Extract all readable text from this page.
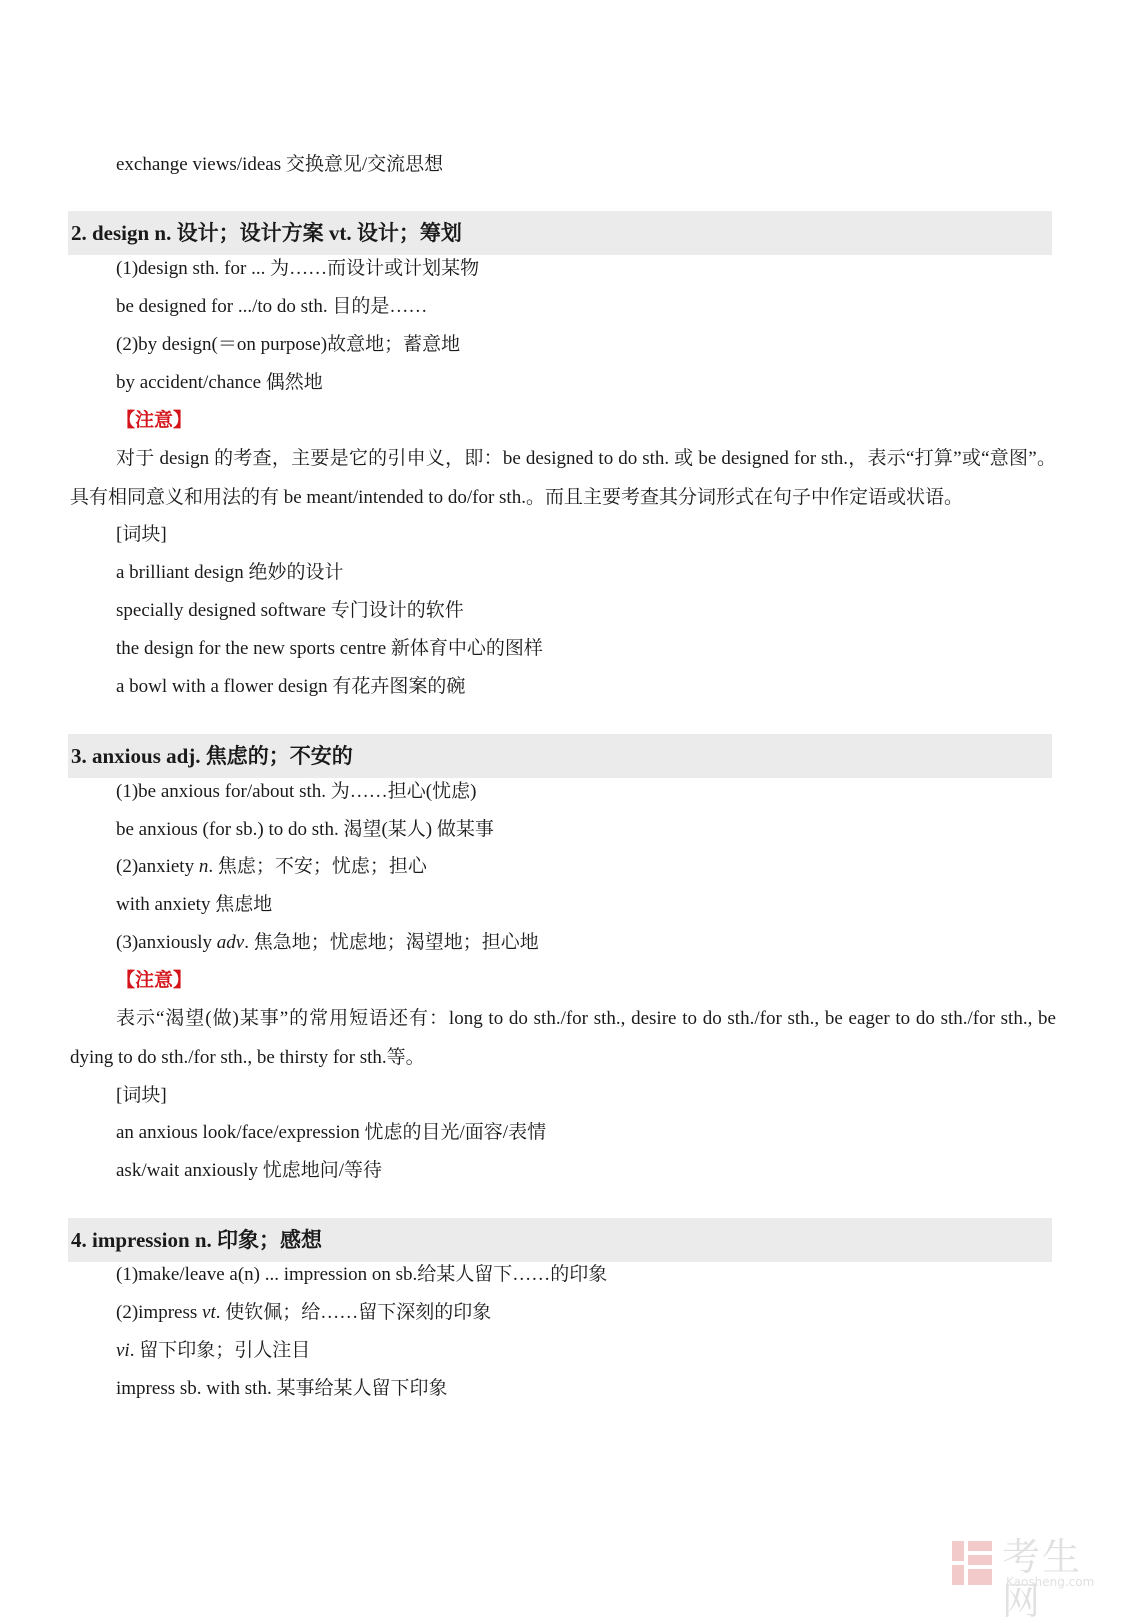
exchange views/ideas 交换意见/交流思想
2. design n. 设计；设计方案 vt. 设计；筹划
(1)design sth. for ... 为……而设计或计划某物
be designed for .../to do sth. 目的是……
(2)by design(＝on purpose)故意地；蓄意地
by accident/chance 偶然地
【注意】
对于 design 的考查，主要是它的引申义，即：be designed to do sth. 或 be designed for sth.，表示“打算”或“意图”。具有相同意义和用法的有 be meant/intended to do/for sth.。而且主要考查其分词形式在句子中作定语或状语。
[词块]
a brilliant design 绝妙的设计
specially designed software 专门设计的软件
the design for the new sports centre 新体育中心的图样
a bowl with a flower design 有花卉图案的碗
3. anxious adj. 焦虑的；不安的
(1)be anxious for/about sth. 为……担心(忧虑)
be anxious (for sb.) to do sth. 渴望(某人) 做某事
(2)anxiety n. 焦虑；不安；忧虑；担心
with anxiety 焦虑地
(3)anxiously adv. 焦急地；忧虑地；渴望地；担心地
【注意】
表示“渴望(做)某事”的常用短语还有：long to do sth./for sth., desire to do sth./for sth., be eager to do sth./for sth., be dying to do sth./for sth., be thirsty for sth.等。
[词块]
an anxious look/face/expression 忧虑的目光/面容/表情
ask/wait anxiously 忧虑地问/等待
4. impression n. 印象；感想
(1)make/leave a(n) ... impression on sb.给某人留下……的印象
(2)impress vt. 使钦佩；给……留下深刻的印象
vi. 留下印象；引人注目
impress sb. with sth. 某事给某人留下印象
考生网
Kaosheng.com
